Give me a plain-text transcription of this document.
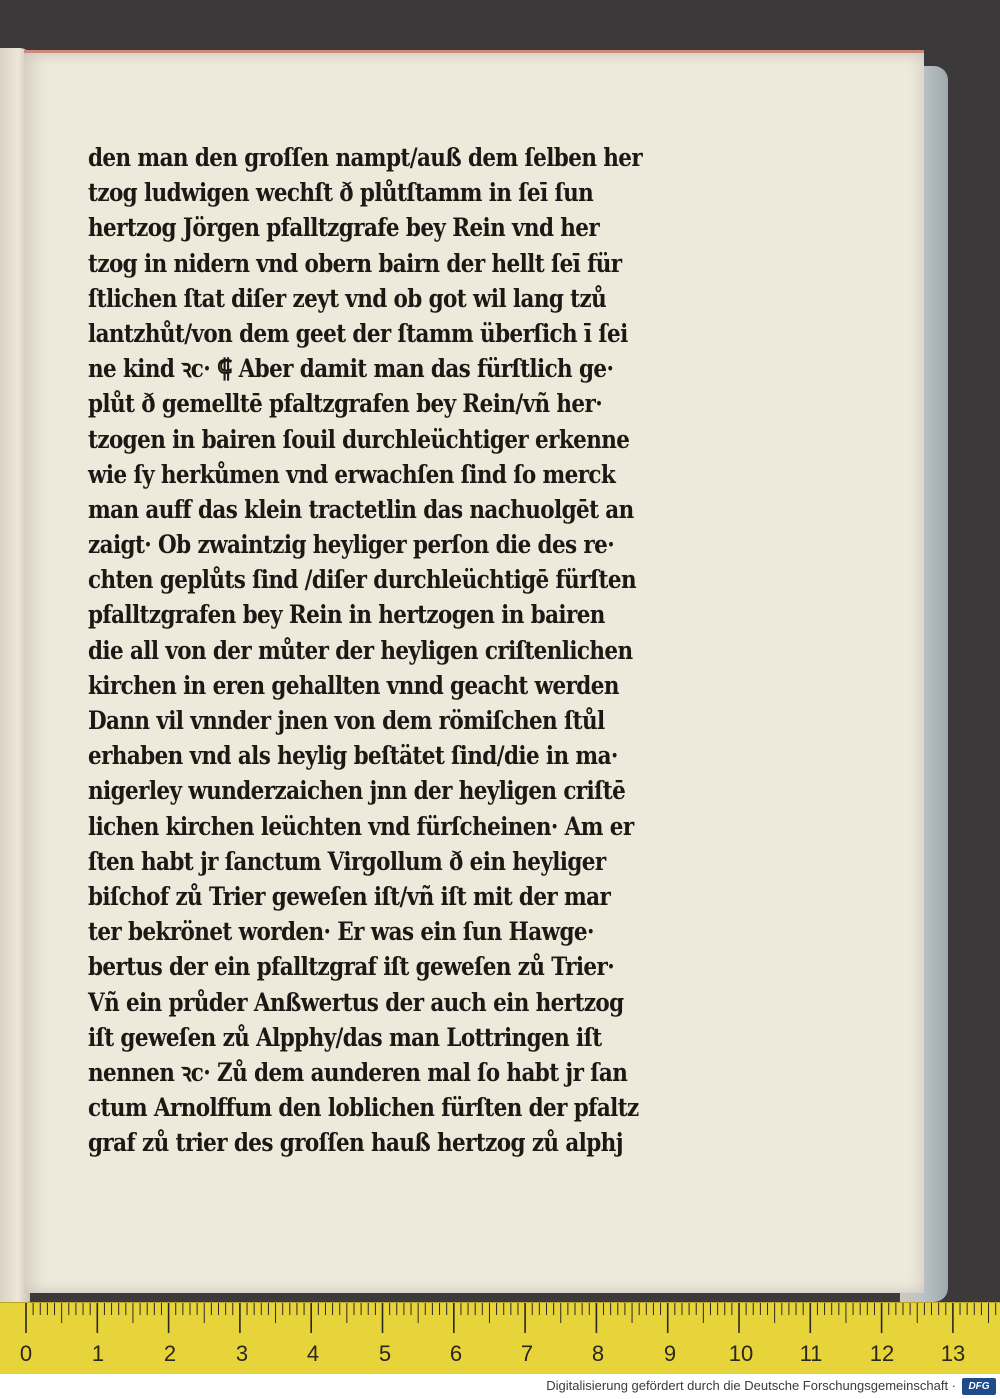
den man den groſſen nampt/auß dem ſelben her
tzog ludwigen wechſt ð plůtſtamm in ſeī ſun
hertzog Jörgen pfalltzgrafe bey Rein vnd her
tzog in nidern vnd obern bairn der hellt ſeī für
ſtlichen ſtat diſer zeyt vnd ob got wil lang tzů
lantzhůt/von dem geet der ſtamm überſich ī ſei
ne kind ꝛc· ⸿ Aber damit man das fürſtlich ge·
plůt ð gemelltē pfaltzgrafen bey Rein/vñ her·
tzogen in bairen ſouil durchleüchtiger erkenne
wie ſy herkůmen vnd erwachſen ſind ſo merck
man auff das klein tractetlin das nachuolgēt an
zaigt· Ob zwaintzig heyliger perſon die des re·
chten geplůts ſind /diſer durchleüchtigē fürſten
pfalltzgrafen bey Rein in hertzogen in bairen
die all von der můter der heyligen criſtenlichen
kirchen in eren gehallten vnnd geacht werden
Dann vil vnnder jnen von dem römiſchen ſtůl
erhaben vnd als heylig beſtätet ſind/die in ma·
nigerley wunderzaichen jnn der heyligen criſtē
lichen kirchen leüchten vnd fürſcheinen· Am er
ſten habt jr ſanctum Virgollum ð ein heyliger
biſchof zů Trier geweſen iſt/vñ iſt mit der mar
ter bekrönet worden· Er was ein ſun Hawge·
bertus der ein pfalltzgraf iſt geweſen zů Trier·
Vñ ein průder Anßwertus der auch ein hertzog
iſt geweſen zů Alpphy/das man Lottringen iſt
nennen ꝛc· Zů dem aunderen mal ſo habt jr ſan
ctum Arnolffum den loblichen fürſten der pfaltz
graf zů trier des groſſen hauß hertzog zů alphj
0	1	2	3	4	5	6	7	8	9 10 11 12 13
Digitalisierung gefördert durch die Deutsche Forschungsgemeinschaft ·	DFG
